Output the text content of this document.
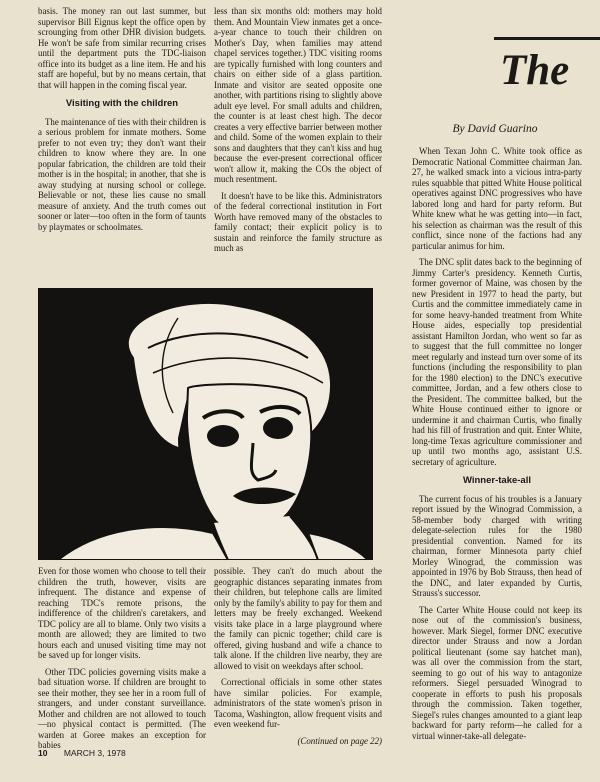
basis. The money ran out last summer, but supervisor Bill Eignus kept the office open by scrounging from other DHR division budgets. He won't be safe from similar recurring crises until the department puts the TDC-liaison office into its budget as a line item. He and his staff are hopeful, but by no means certain, that that will happen in the coming fiscal year.

Visiting with the children

The maintenance of ties with their children is a serious problem for inmate mothers. Some prefer to not even try; they don't want their children to know where they are. In one popular fabrication, the children are told their mother is in the hospital; in another, that she is away studying at nursing school or college. Believable or not, these lies cause no small measure of anxiety. And the truth comes out sooner or later—too often in the form of taunts by playmates or schoolmates.

less than six months old: mothers may hold them. And Mountain View inmates get a once-a-year chance to touch their children on Mother's Day, when families may attend chapel services together.) TDC visiting rooms are typically furnished with long counters and chairs on either side of a glass partition. Inmate and visitor are seated opposite one another, with partitions rising to slightly above adult eye level. For small adults and children, the counter is at least chest high. The decor creates a very effective barrier between mother and child. Some of the women explain to their sons and daughters that they can't kiss and hug because the ever-present correctional officer won't allow it, making the COs the object of much resentment.

It doesn't have to be like this. Administrators of the federal correctional institution in Fort Worth have removed many of the obstacles to family contact; their explicit policy is to sustain and reinforce the family structure as much as

Even for those women who choose to tell their children the truth, however, visits are infrequent. The distance and expense of reaching TDC's remote prisons, the indifference of the children's caretakers, and TDC policy are all to blame. Only two visits a month are allowed; they are limited to two hours each and unused visiting time may not be saved up for longer visits.

Other TDC policies governing visits make a bad situation worse. If children are brought to see their mother, they see her in a room full of strangers, and under constant surveillance. Mother and children are not allowed to touch—no physical contact is permitted. (The warden at Goree makes an exception for babies

possible. They can't do much about the geographic distances separating inmates from their children, but telephone calls are limited only by the family's ability to pay for them and letters may be freely exchanged. Weekend visits take place in a large playground where the family can picnic together; child care is offered, giving husband and wife a chance to talk alone. If the children live nearby, they are allowed to visit on weekdays after school.

Correctional officials in some other states have similar policies. For example, administrators of the state women's prison in Tacoma, Washington, allow frequent visits and even weekend fur-

(Continued on page 22)

The
By David Guarino

When Texan John C. White took office as Democratic National Committee chairman Jan. 27, he walked smack into a vicious intra-party rules squabble that pitted White House political operatives against DNC progressives who have labored long and hard for party reform. But White knew what he was getting into—in fact, his selection as chairman was the result of this conflict, since none of the factions had any particular animus for him.

The DNC split dates back to the beginning of Jimmy Carter's presidency. Kenneth Curtis, former governor of Maine, was chosen by the new President in 1977 to head the party, but Curtis and the committee immediately came in for some heavy-handed treatment from White House aides, especially top presidential assistant Hamilton Jordan, who went so far as to suggest that the full committee no longer meet regularly and instead turn over some of its functions (including the responsibility to plan for the 1980 election) to the DNC's executive committee, Jordan, and a few others close to the President. The committee balked, but the White House continued either to ignore or undermine it and chairman Curtis, who finally had his fill of frustration and quit. Enter White, long-time Texas agriculture commissioner and up until two months ago, assistant U.S. secretary of agriculture.

Winner-take-all

The current focus of his troubles is a January report issued by the Winograd Commission, a 58-member body charged with writing delegate-selection rules for the 1980 presidential convention. Named for its chairman, former Minnesota party chief Morley Winograd, the commission was appointed in 1976 by Bob Strauss, then head of the DNC, and later expanded by Curtis, Strauss's successor.

The Carter White House could not keep its nose out of the commission's business, however. Mark Siegel, former DNC executive director under Strauss and now a Jordan political lieutenant (some say hatchet man), was all over the commission from the start, seeming to go out of his way to antagonize reformers. Siegel persuaded Winograd to cooperate in efforts to push his proposals through the commission. Taken together, Siegel's rules changes amounted to a giant leap backward for party reform—he called for a virtual winner-take-all delegate-

10 MARCH 3, 1978
